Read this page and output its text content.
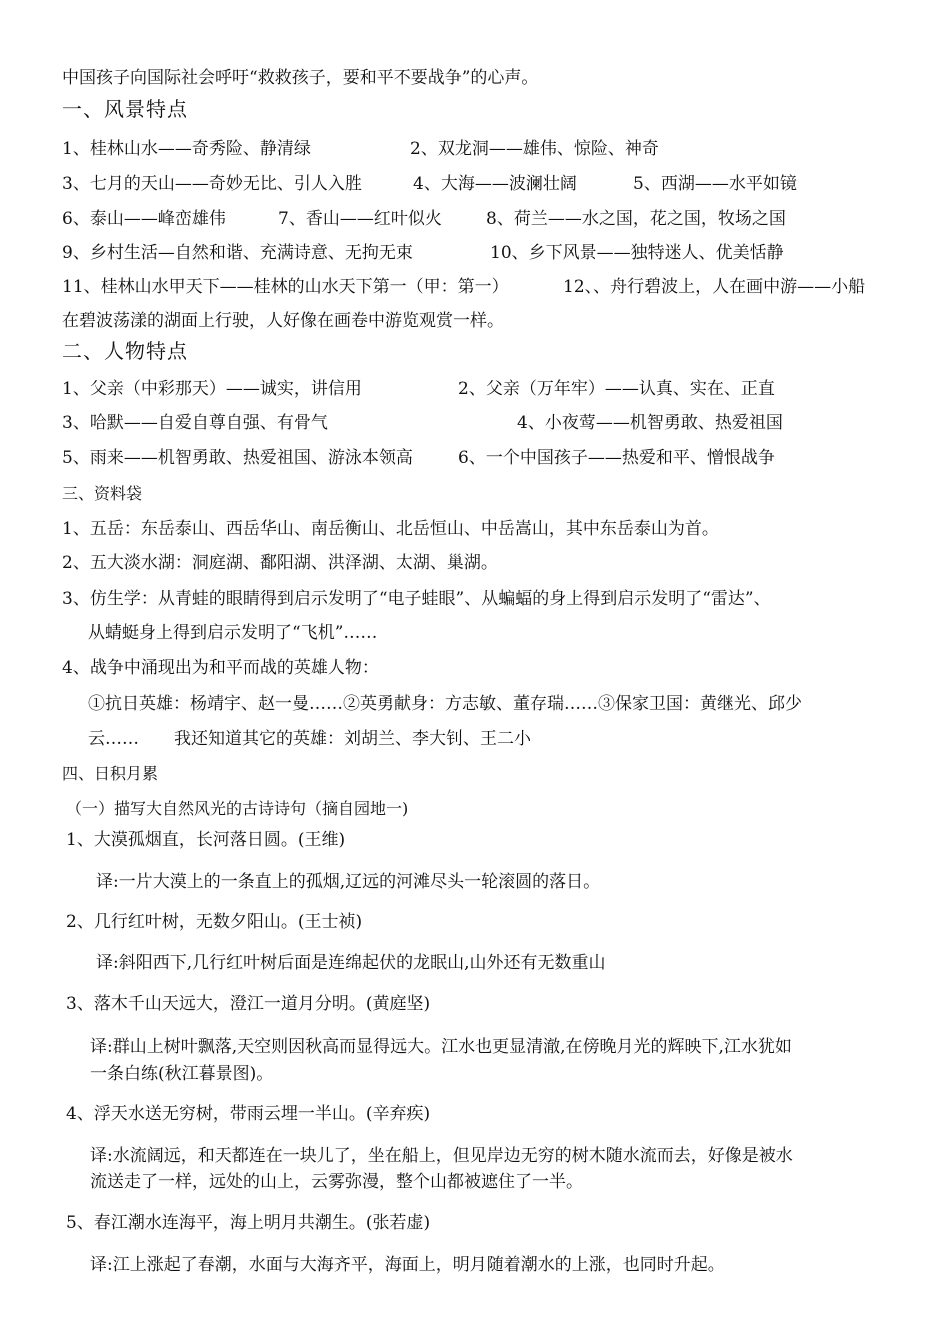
中国孩子向国际社会呼吁“救救孩子，要和平不要战争”的心声。
一、风景特点
1、桂林山水——奇秀险、静清绿	2、双龙洞——雄伟、惊险、神奇
3、七月的天山——奇妙无比、引人入胜	4、大海——波澜壮阔	5、西湖——水平如镜
6、泰山——峰峦雄伟	7、香山——红叶似火	8、荷兰——水之国，花之国，牧场之国
9、乡村生活—自然和谐、充满诗意、无拘无束	10、乡下风景——独特迷人、优美恬静
11、桂林山水甲天下——桂林的山水天下第一（甲：第一）	12、、舟行碧波上，人在画中游——小船
在碧波荡漾的湖面上行驶，人好像在画卷中游览观赏一样。
二、人物特点
1、父亲（中彩那天）——诚实，讲信用	2、父亲（万年牢）——认真、实在、正直
3、哈默——自爱自尊自强、有骨气	4、小夜莺——机智勇敢、热爱祖国
5、雨来——机智勇敢、热爱祖国、游泳本领高	6、一个中国孩子——热爱和平、憎恨战争
三、资料袋
1、五岳：东岳泰山、西岳华山、南岳衡山、北岳恒山、中岳嵩山，其中东岳泰山为首。
2、五大淡水湖：洞庭湖、鄱阳湖、洪泽湖、太湖、巢湖。
3、仿生学：从青蛙的眼睛得到启示发明了“电子蛙眼”、从蝙蝠的身上得到启示发明了“雷达”、
从蜻蜓身上得到启示发明了“飞机”……
4、战争中涌现出为和平而战的英雄人物：
①抗日英雄：杨靖宇、赵一曼……②英勇献身：方志敏、董存瑞……③保家卫国：黄继光、邱少
云…… 我还知道其它的英雄：刘胡兰、李大钊、王二小
四、日积月累
（一）描写大自然风光的古诗诗句（摘自园地一)
1、大漠孤烟直，长河落日圆。(王维)
译:一片大漠上的一条直上的孤烟,辽远的河滩尽头一轮滚圆的落日。
2、几行红叶树，无数夕阳山。(王士祯)
译:斜阳西下,几行红叶树后面是连绵起伏的龙眠山,山外还有无数重山
3、落木千山天远大，澄江一道月分明。(黄庭坚)
译:群山上树叶飘落,天空则因秋高而显得远大。江水也更显清澈,在傍晚月光的辉映下,江水犹如
一条白练(秋江暮景图)。
4、浮天水送无穷树，带雨云埋一半山。(辛弃疾)
译:水流阔远，和天都连在一块儿了，坐在船上，但见岸边无穷的树木随水流而去，好像是被水
流送走了一样，远处的山上，云雾弥漫，整个山都被遮住了一半。
5、春江潮水连海平，海上明月共潮生。(张若虚)
译:江上涨起了春潮，水面与大海齐平，海面上，明月随着潮水的上涨，也同时升起。
